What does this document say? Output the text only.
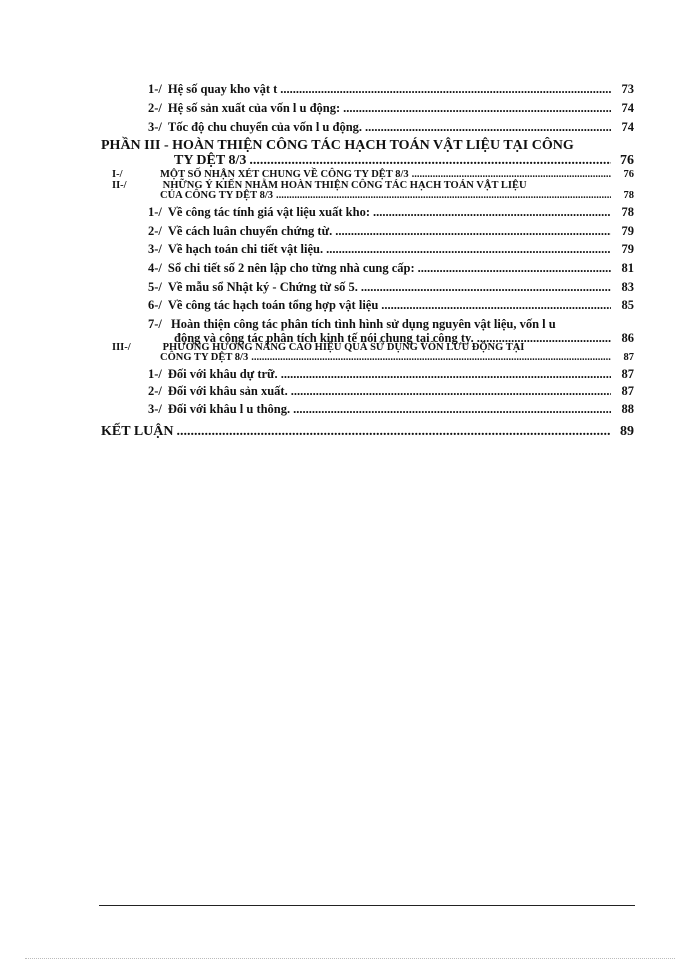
1-/ Hệ số quay kho vật t .....	73
2-/ Hệ số sản xuất của vốn l u động: .....	74
3-/ Tốc độ chu chuyển của vốn l u động. .....	74
PHẦN III - HOÀN THIỆN CÔNG TÁC HẠCH TOÁN VẬT LIỆU TẠI CÔNG
TY DỆT 8/3 .....	76
I-/	MỘT SỐ NHẬN XÉT CHUNG VỀ CÔNG TY DỆT 8/3 .....	76
II-/	NHỮNG Ý KIẾN NHẰM HOÀN THIỆN CÔNG TÁC HẠCH TOÁN VẬT LIỆU
CỦA CÔNG TY DỆT 8/3 .....	78
1-/ Về công tác tính giá vật liệu xuất kho: .....	78
2-/ Về cách luân chuyển chứng từ. .....	79
3-/ Về hạch toán chi tiết vật liệu. .....	79
4-/ Sổ chi tiết số 2 nên lập cho từng nhà cung cấp: .....	81
5-/ Về mẫu sổ Nhật ký - Chứng từ số 5. .....	83
6-/ Về công tác hạch toán tổng hợp vật liệu .....	85
7-/ Hoàn thiện công tác phân tích tình hình sử dụng nguyên vật liệu, vốn l u
động và công tác phân tích kinh tế nói chung tại công ty. .....	86
III-/	PHƯƠNG HƯỚNG NÂNG CAO HIỆU QUẢ SỬ DỤNG VỐN LƯU ĐỘNG TẠI
CÔNG TY DỆT 8/3 .....	87
1-/ Đối với khâu dự trữ. .....	87
2-/ Đối với khâu sản xuất. .....	87
3-/ Đối với khâu l u thông. .....	88
KẾT LUẬN .....	89
